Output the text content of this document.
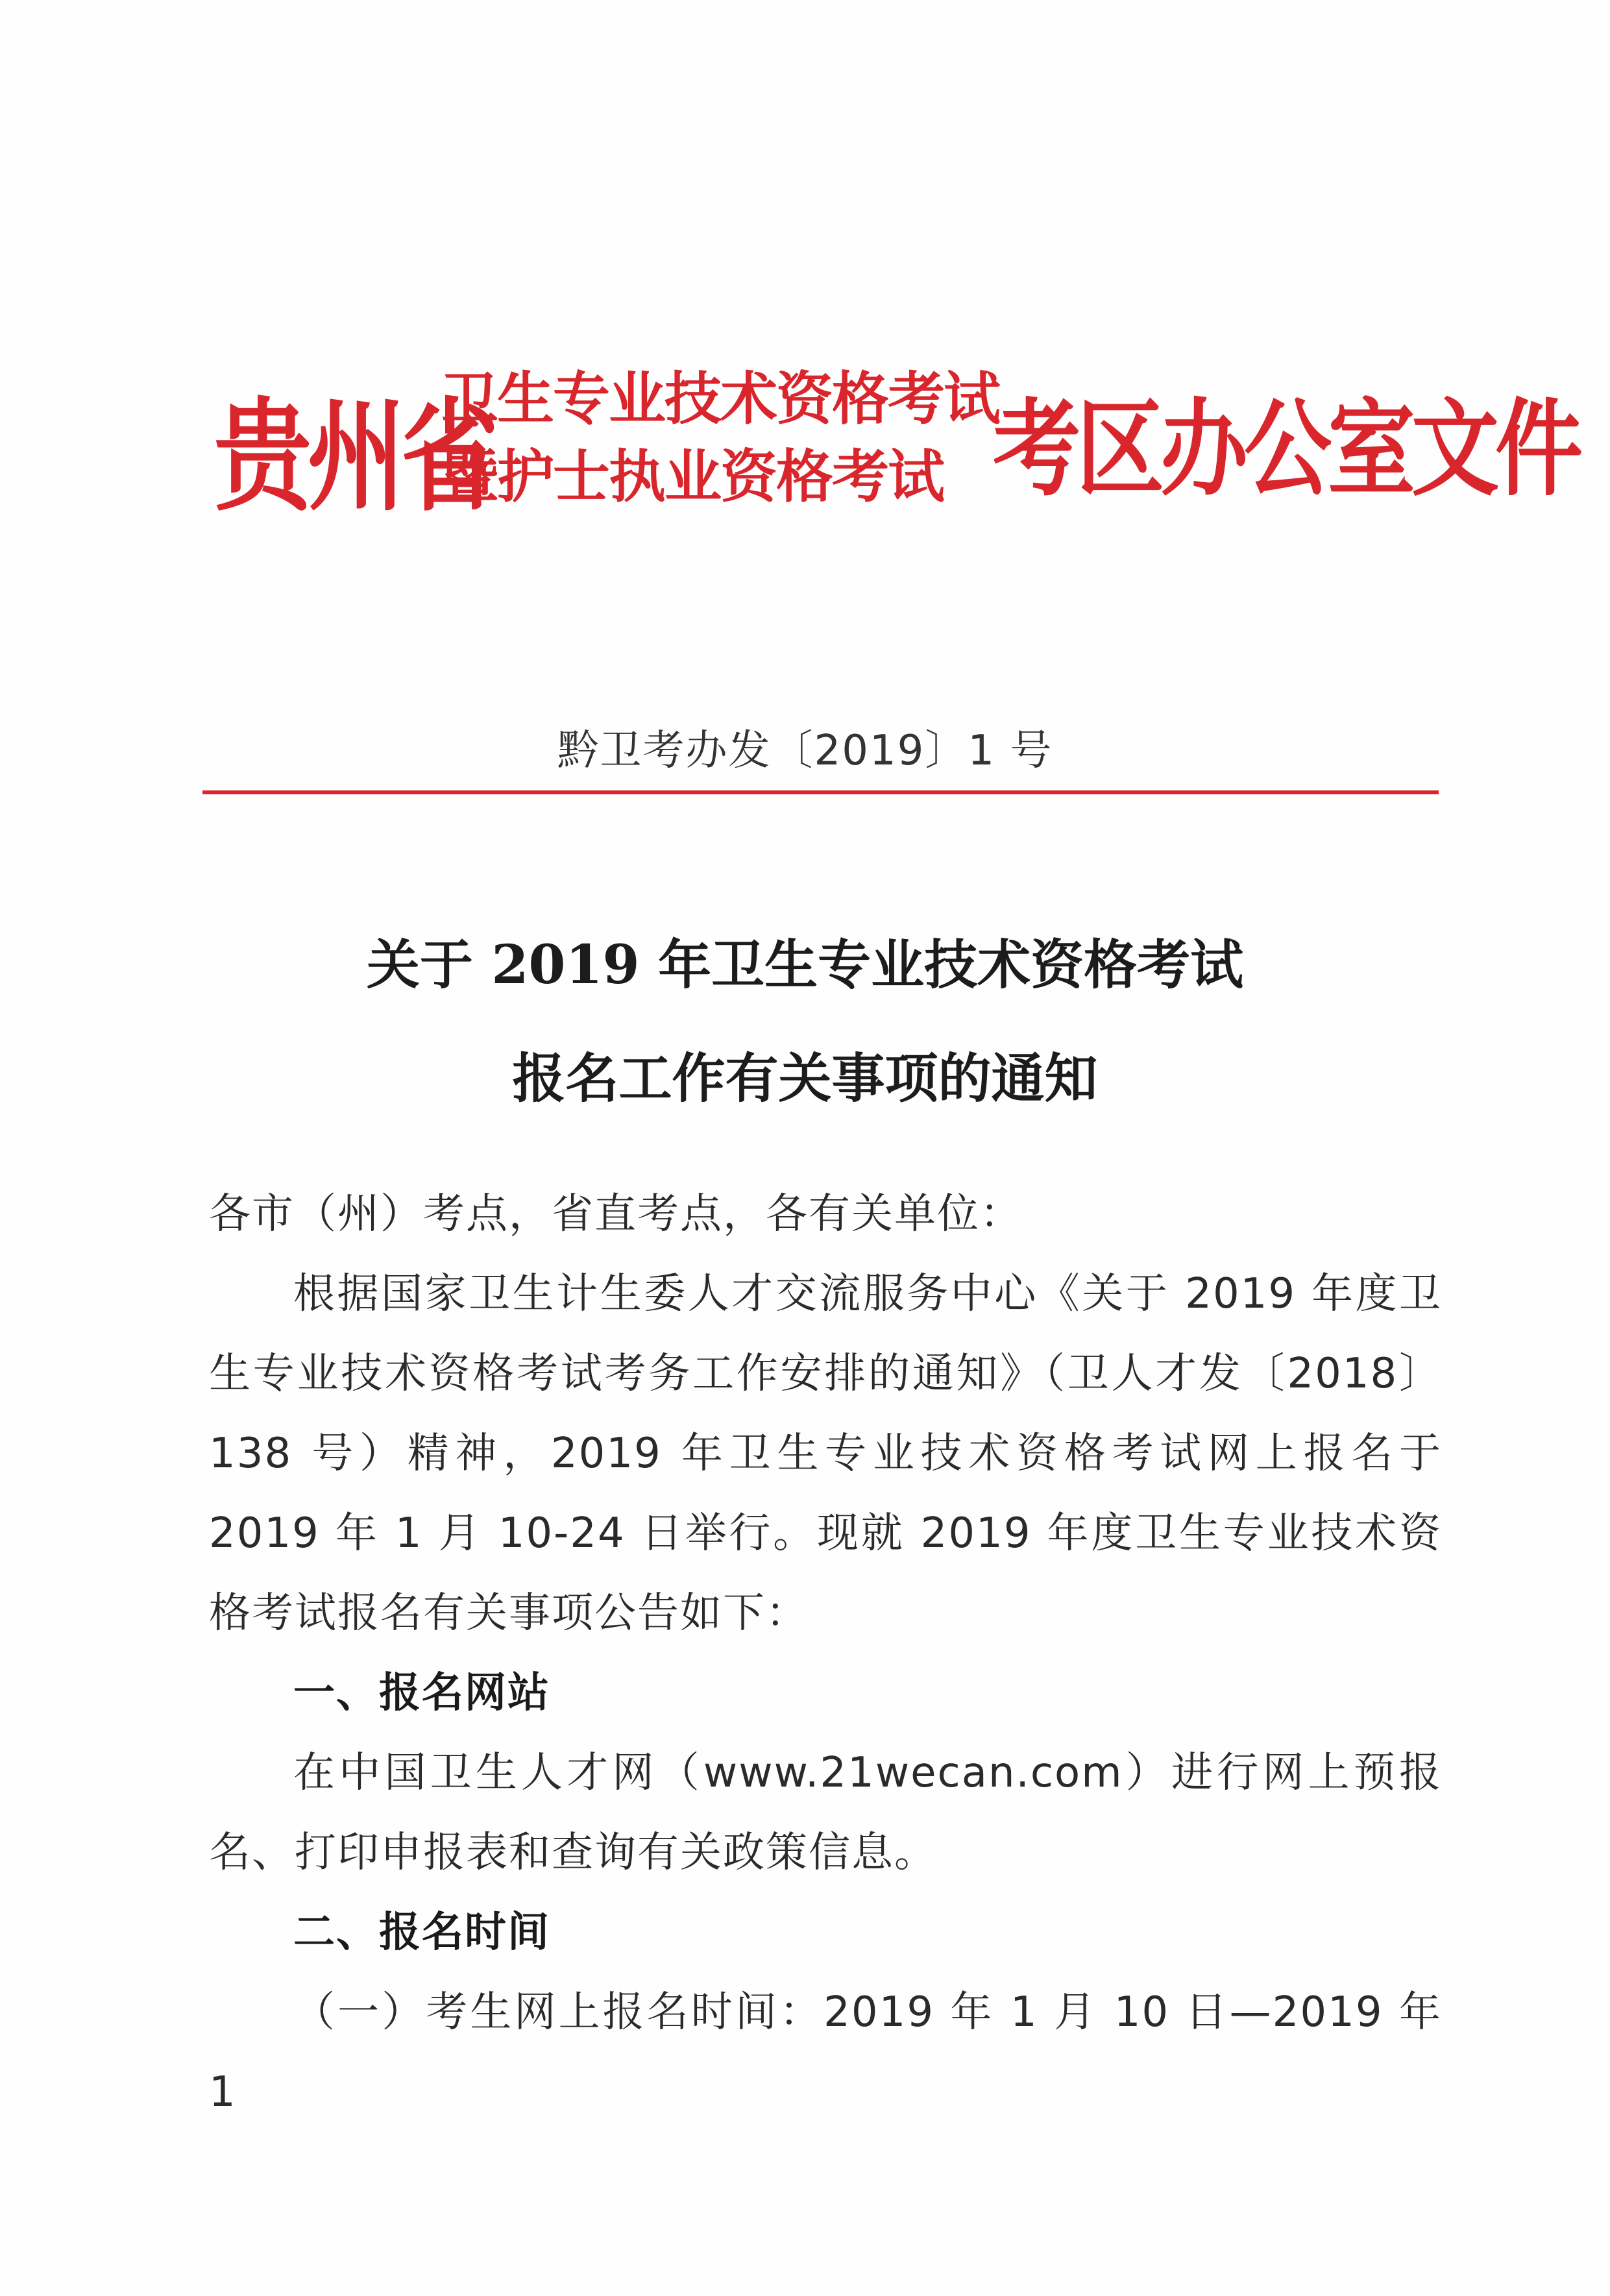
贵州省
卫生专业技术资格考试
暨护士执业资格考试 考区办公室文件
黔卫考办发〔2019〕1 号
关于 2019 年卫生专业技术资格考试
报名工作有关事项的通知

各市（州）考点，省直考点，各有关单位：

根据国家卫生计生委人才交流服务中心《关于 2019 年度卫生专业技术资格考试考务工作安排的通知》（卫人才发〔2018〕138 号）精神，2019 年卫生专业技术资格考试网上报名于 2019 年 1 月 10-24 日举行。现就 2019 年度卫生专业技术资格考试报名有关事项公告如下：

一、报名网站

在中国卫生人才网（www.21wecan.com）进行网上预报名、打印申报表和查询有关政策信息。

二、报名时间

（一）考生网上报名时间：2019 年 1 月 10 日—2019 年 1
